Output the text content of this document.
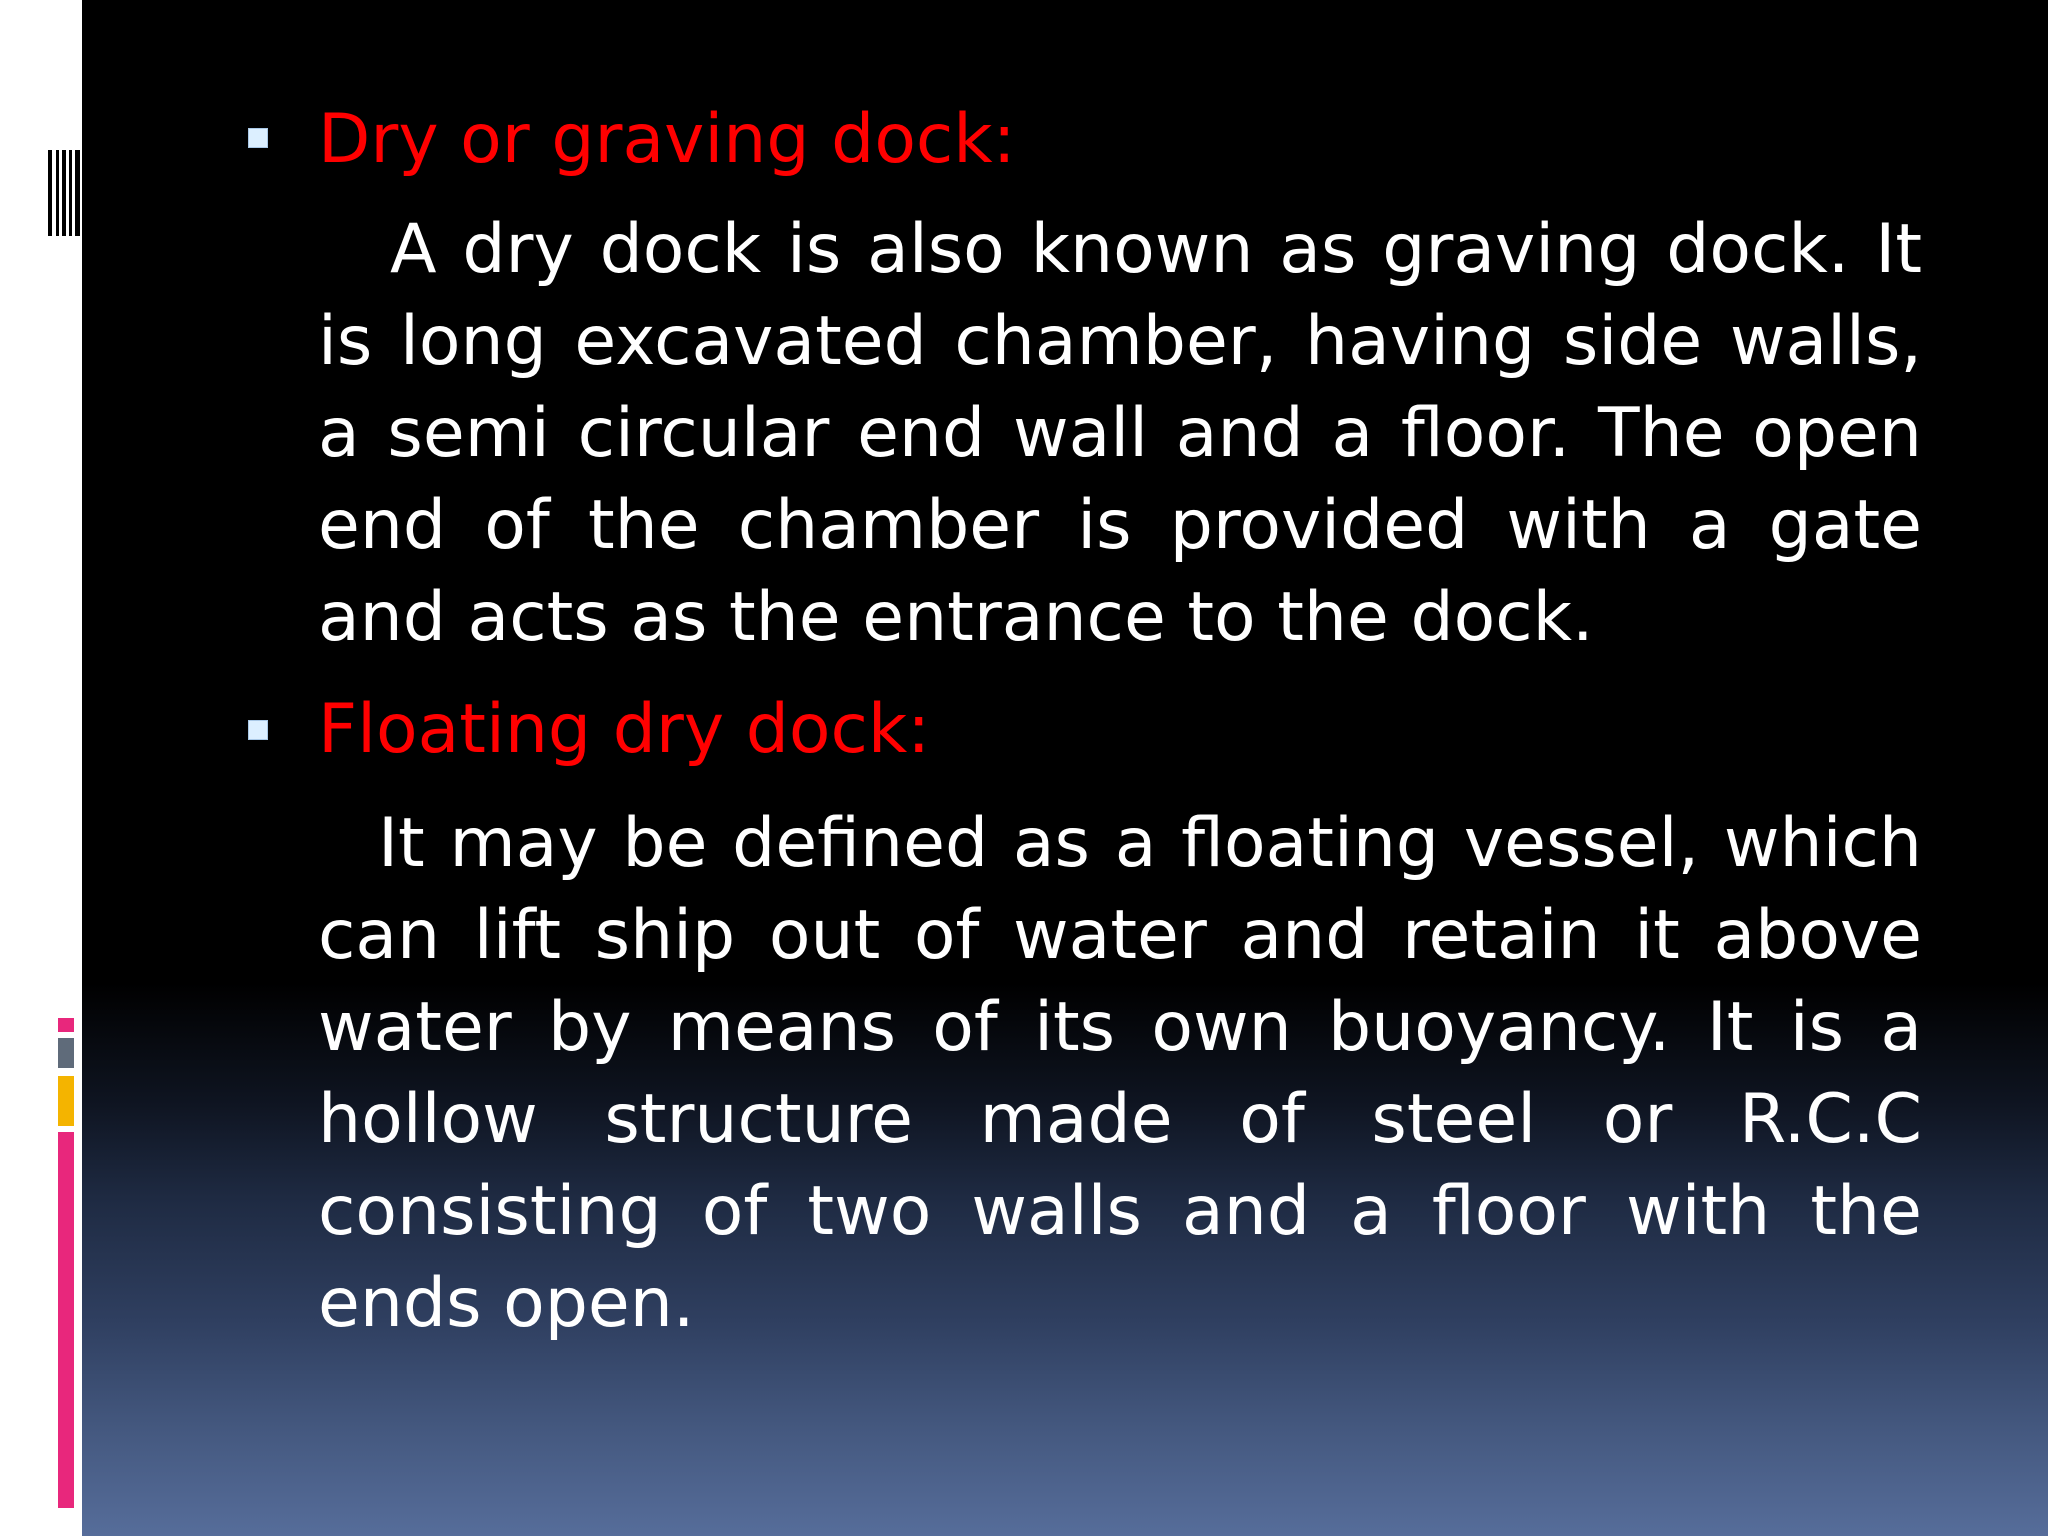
Dry or graving dock:
A dry dock is also known as graving dock. It
is long excavated chamber, having side walls,
a semi circular end wall and a floor. The open
end of the chamber is provided with a gate
and acts as the entrance to the dock.
Floating dry dock:
It may be defined as a floating vessel, which
can lift ship out of water and retain it above
water by means of its own buoyancy. It is a
hollow structure made of steel or R.C.C
consisting of two walls and a floor with the
ends open.
